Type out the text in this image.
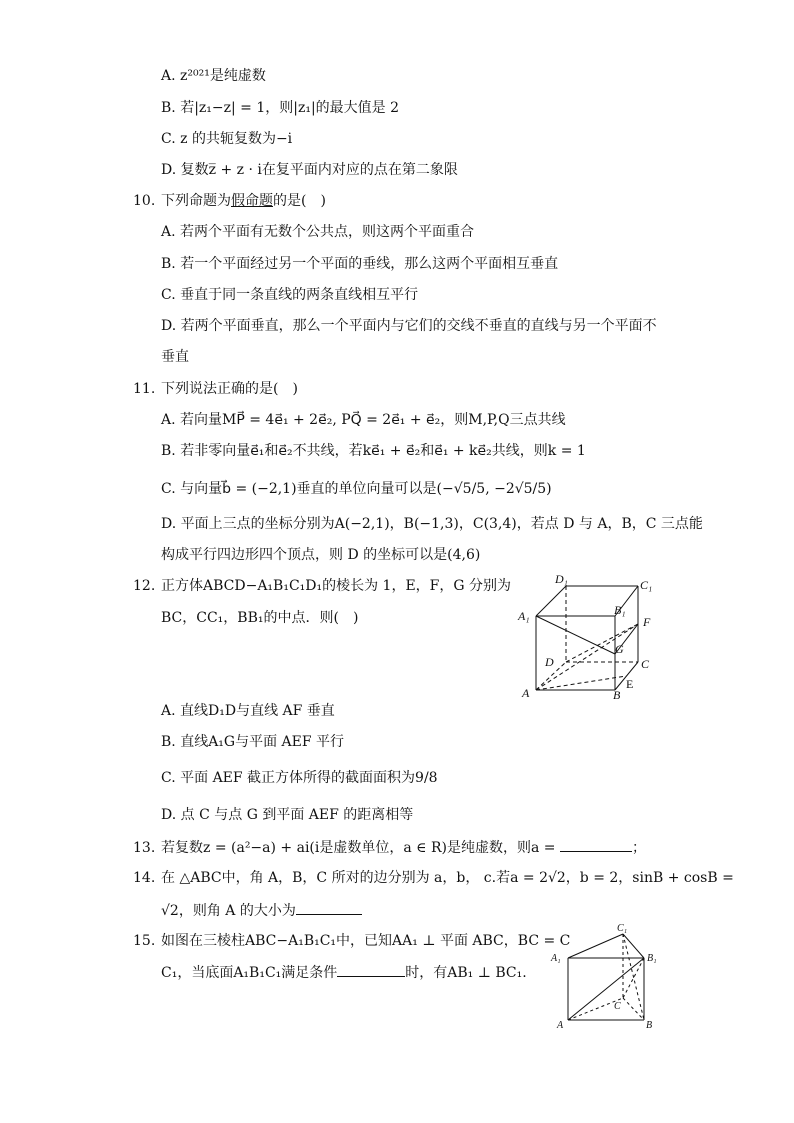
A. z²⁰²¹是纯虚数
B. 若|z₁−z| = 1，则|z₁|的最大值是 2
C. z 的共轭复数为−i
D. 复数z̅ + z · i在复平面内对应的点在第二象限
10. 下列命题为假命题的是(　)
A. 若两个平面有无数个公共点，则这两个平面重合
B. 若一个平面经过另一个平面的垂线，那么这两个平面相互垂直
C. 垂直于同一条直线的两条直线相互平行
D. 若两个平面垂直，那么一个平面内与它们的交线不垂直的直线与另一个平面不
垂直
11. 下列说法正确的是(　)
A. 若向量MP⃗ = 4e⃗₁ + 2e⃗₂, PQ⃗ = 2e⃗₁ + e⃗₂，则M,P,Q三点共线
B. 若非零向量e⃗₁和e⃗₂不共线，若ke⃗₁ + e⃗₂和e⃗₁ + ke⃗₂共线，则k = 1
C. 与向量b⃗ = (−2,1)垂直的单位向量可以是(−√5/5, −2√5/5)
D. 平面上三点的坐标分别为A(−2,1)，B(−1,3)，C(3,4)，若点 D 与 A，B，C 三点能
构成平行四边形四个顶点，则 D 的坐标可以是(4,6)
12. 正方体ABCD−A₁B₁C₁D₁的棱长为 1，E，F，G 分别为
BC，CC₁，BB₁的中点．则(　)
D₁	C₁
A₁	B₁
F
G
D	C
A	B
E
A. 直线D₁D与直线 AF 垂直
B. 直线A₁G与平面 AEF 平行
C. 平面 AEF 截正方体所得的截面面积为9/8
D. 点 C 与点 G 到平面 AEF 的距离相等
13. 若复数z = (a²−a) + ai(i是虚数单位，a ∈ R)是纯虚数，则a =	；
14. 在 △ABC中，角 A，B，C 所对的边分别为 a，b， c.若a = 2√2，b = 2，sinB + cosB =
√2，则角 A 的大小为
15. 如图在三棱柱ABC−A₁B₁C₁中，已知AA₁ ⊥ 平面 ABC，BC = C
C₁，当底面A₁B₁C₁满足条件	时，有AB₁ ⊥ BC₁.
C₁
A₁	B₁
C
A	B
